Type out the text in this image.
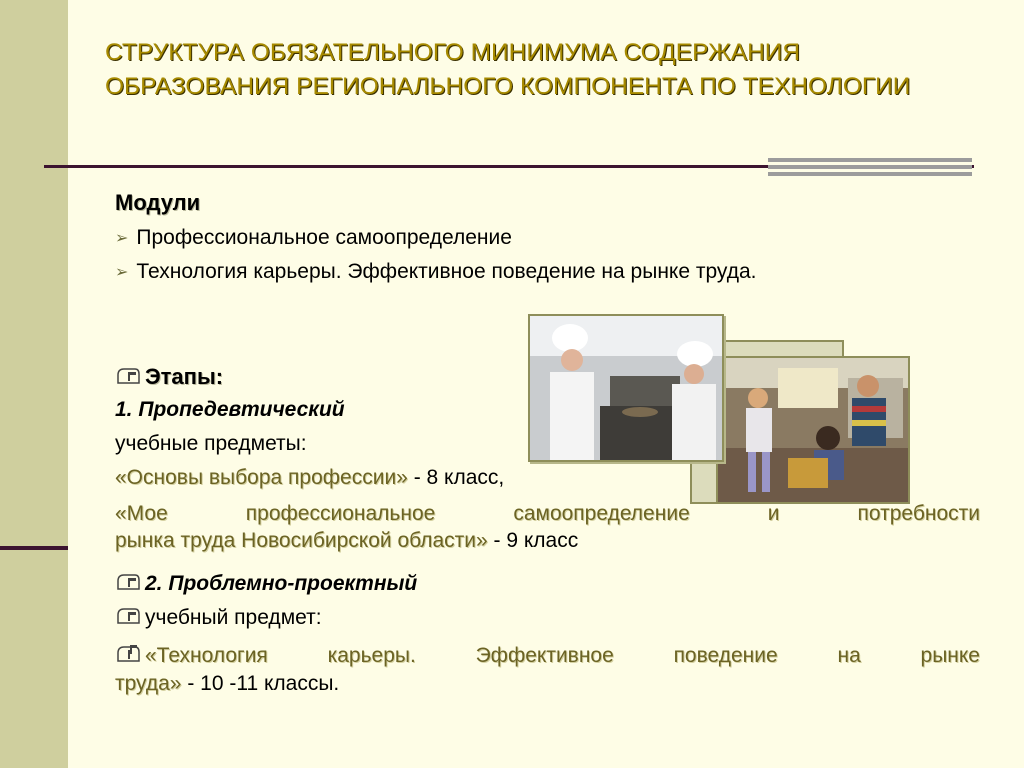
СТРУКТУРА ОБЯЗАТЕЛЬНОГО МИНИМУМА СОДЕРЖАНИЯ ОБРАЗОВАНИЯ РЕГИОНАЛЬНОГО КОМПОНЕНТА ПО ТЕХНОЛОГИИ
Модули
➢ Профессиональное самоопределение
➢ Технология карьеры. Эффективное поведение на рынке труда.
Этапы:
1. Пропедевтический
учебные предметы:
«Основы выбора профессии» - 8 класс,
«Мое профессиональное самоопределение и потребности
рынка труда Новосибирской области» - 9 класс
2. Проблемно-проектный
учебный предмет:
«Технология карьеры. Эффективное поведение на рынке
труда» - 10 -11 классы.
